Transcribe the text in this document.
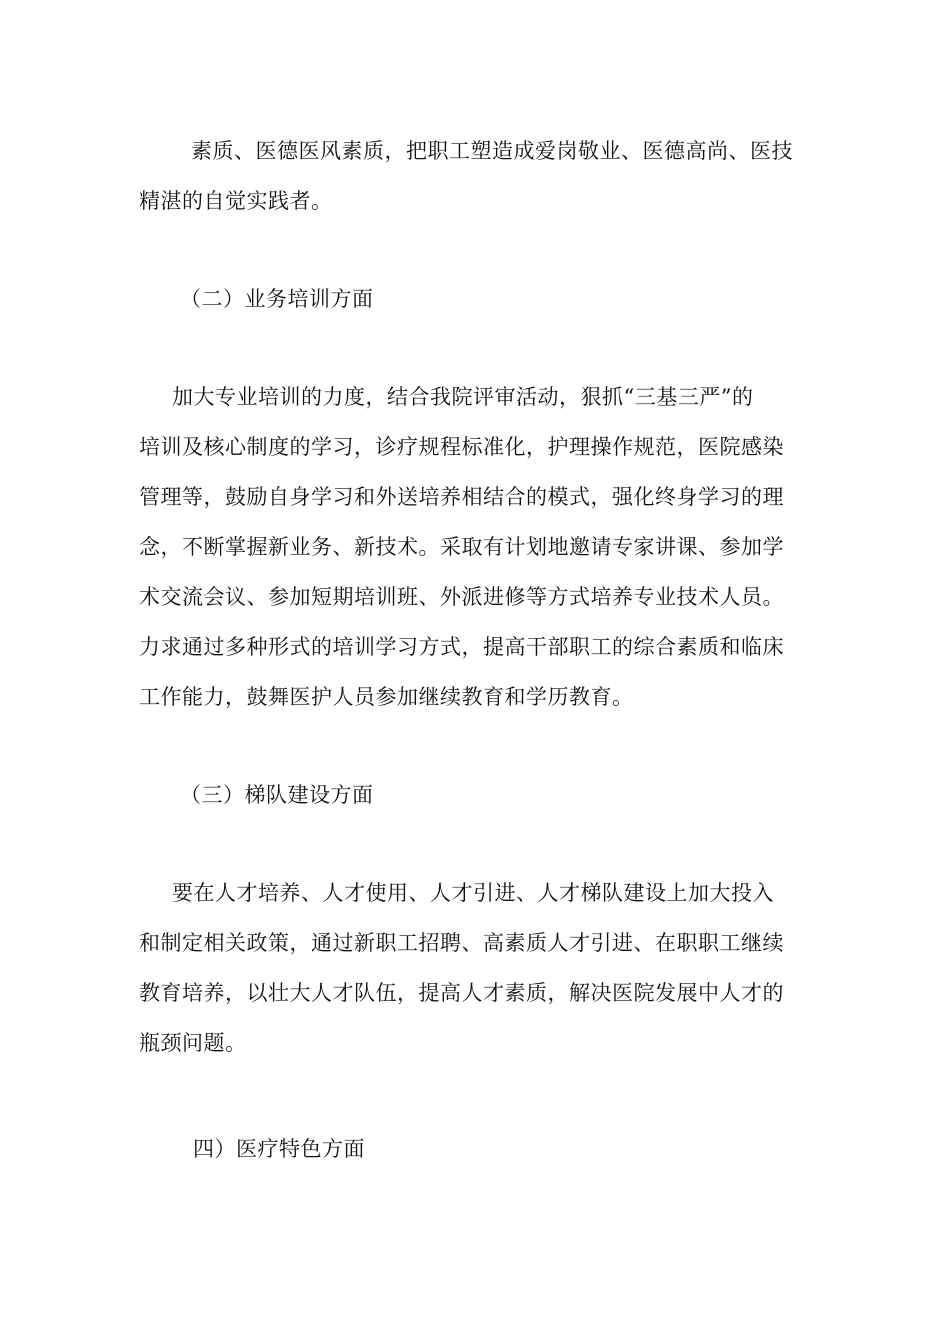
素质、医德医风素质，把职工塑造成爱岗敬业、医德高尚、医技
精湛的自觉实践者。
（二）业务培训方面
加大专业培训的力度，结合我院评审活动，狠抓“三基三严”的
培训及核心制度的学习，诊疗规程标准化，护理操作规范，医院感染
管理等，鼓励自身学习和外送培养相结合的模式，强化终身学习的理
念，不断掌握新业务、新技术。采取有计划地邀请专家讲课、参加学
术交流会议、参加短期培训班、外派进修等方式培养专业技术人员。
力求通过多种形式的培训学习方式，提高干部职工的综合素质和临床
工作能力，鼓舞医护人员参加继续教育和学历教育。
（三）梯队建设方面
要在人才培养、人才使用、人才引进、人才梯队建设上加大投入
和制定相关政策，通过新职工招聘、高素质人才引进、在职职工继续
教育培养，以壮大人才队伍，提高人才素质，解决医院发展中人才的
瓶颈问题。
四）医疗特色方面
